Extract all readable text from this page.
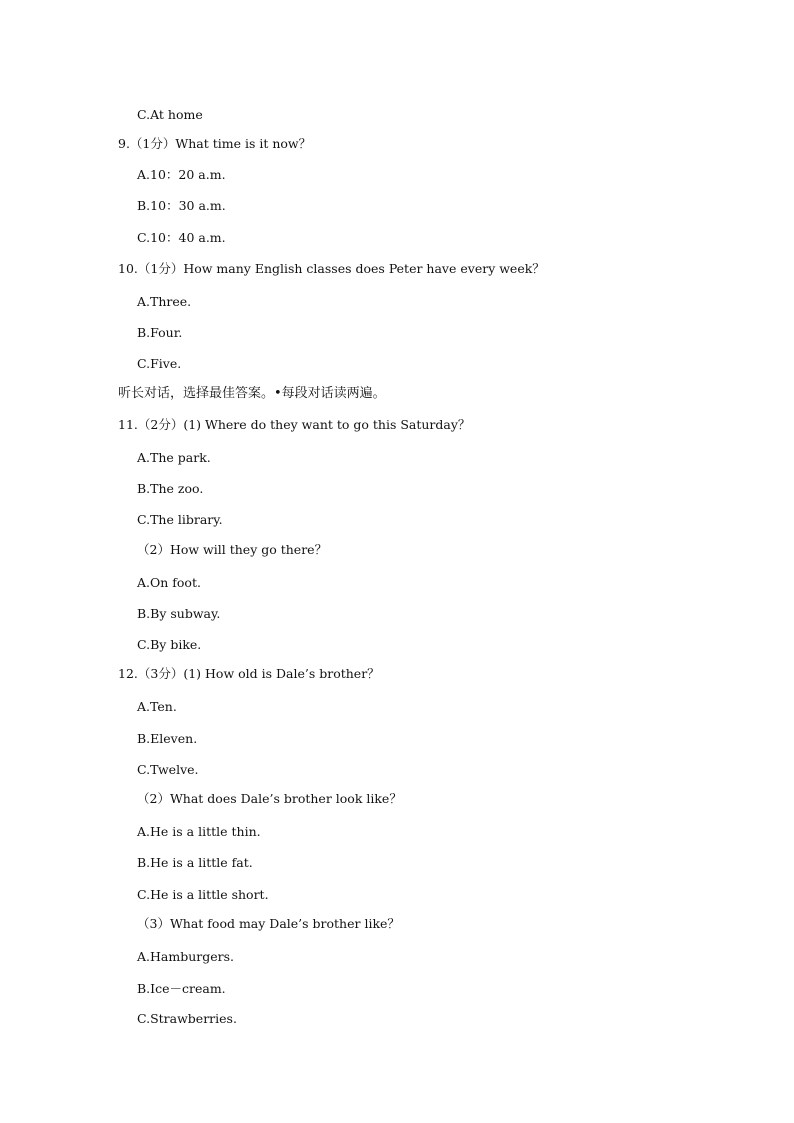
C.At home
9.（1分）What time is it now？
A.10：20 a.m.
B.10：30 a.m.
C.10：40 a.m.
10.（1分）How many English classes does Peter have every week？
A.Three.
B.Four.
C.Five.
听长对话，选择最佳答案。•每段对话读两遍。
11.（2分）(1) Where do they want to go this Saturday？
A.The park.
B.The zoo.
C.The library.
（2）How will they go there？
A.On foot.
B.By subway.
C.By bike.
12.（3分）(1) How old is Dale’s brother？
A.Ten.
B.Eleven.
C.Twelve.
（2）What does Dale’s brother look like？
A.He is a little thin.
B.He is a little fat.
C.He is a little short.
（3）What food may Dale’s brother like？
A.Hamburgers.
B.Ice－cream.
C.Strawberries.
